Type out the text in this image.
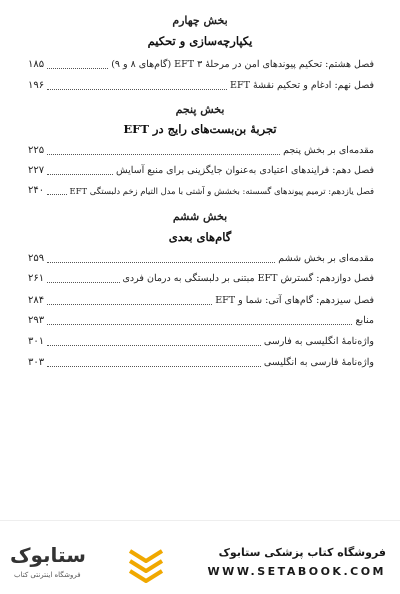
بخش چهارم
یکپارچه‌سازی و تحکیم
فصل هشتم: تحکیم پیوندهای امن در مرحلهٔ ۳ EFT (گام‌های ۸ و ۹)
۱۸۵
فصل نهم: ادغام و تحکیم نقشهٔ EFT
۱۹۶
بخش پنجم
تجربهٔ بن‌بست‌های رایج در EFT
مقدمه‌ای بر بخش پنجم
۲۲۵
فصل دهم: فرایندهای اعتیادی به‌عنوان جایگزینی برای منبع آسایش
۲۲۷
فصل یازدهم: ترمیم پیوندهای گسسته: بخشش و آشتی با مدل التیام زخم دلبستگی EFT
۲۴۰
بخش ششم
گام‌های بعدی
مقدمه‌ای بر بخش ششم
۲۵۹
فصل دوازدهم: گسترش EFT مبتنی بر دلبستگی به درمان فردی
۲۶۱
فصل سیزدهم: گام‌های آتی: شما و EFT
۲۸۴
منابع
۲۹۳
واژه‌نامهٔ انگلیسی به فارسی
۳۰۱
واژه‌نامهٔ فارسی به انگلیسی
۳۰۳
ستابوک
فروشگاه اینترنتی کتاب
فروشگاه کتاب پزشکی ستابوک
WWW.SETABOOK.COM
